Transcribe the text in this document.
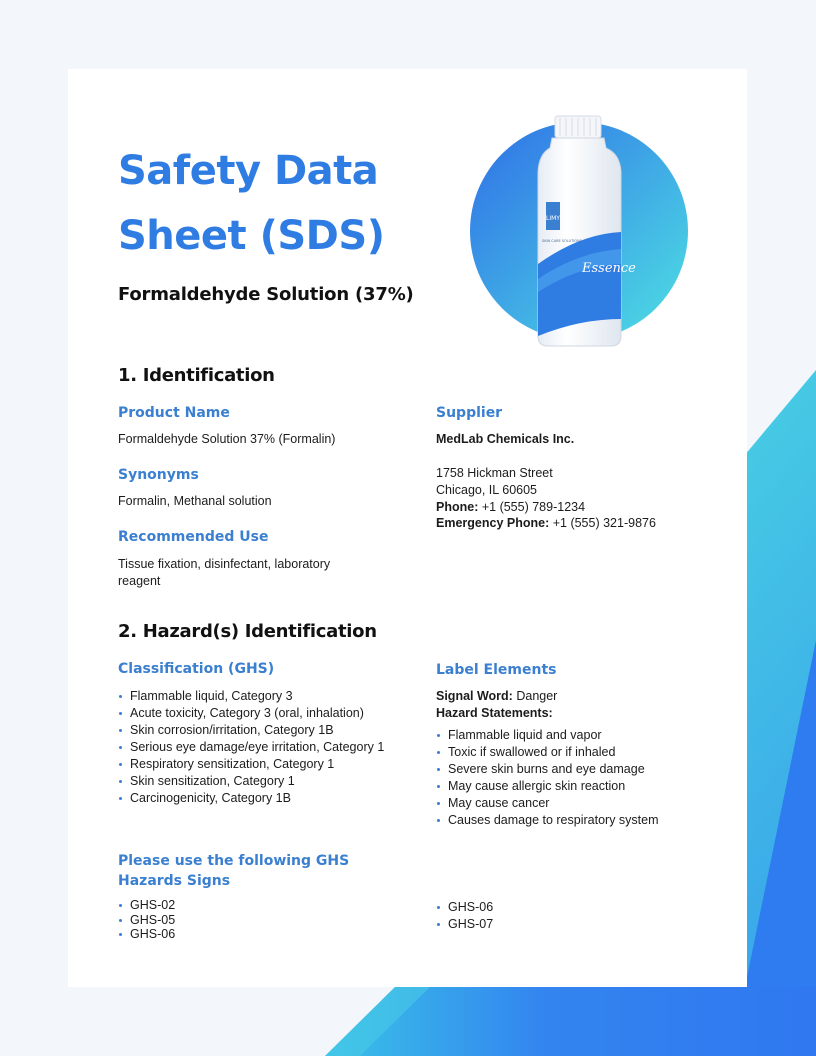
Safety Data Sheet (SDS)
Formaldehyde Solution (37%)
LIMY
SKIN CARE SOLUTIONS
Essence
1. Identification

Product Name

Formaldehyde Solution 37% (Formalin)

Synonyms

Formalin, Methanal solution

Recommended Use

Tissue fixation, disinfectant, laboratory reagent

Supplier

MedLab Chemicals Inc.

1758 Hickman Street

Chicago, IL 60605

Phone: +1 (555) 789-1234

Emergency Phone: +1 (555) 321-9876

2. Hazard(s) Identification

Classification (GHS)

Flammable liquid, Category 3
Acute toxicity, Category 3 (oral, inhalation)
Skin corrosion/irritation, Category 1B
Serious eye damage/eye irritation, Category 1
Respiratory sensitization, Category 1
Skin sensitization, Category 1
Carcinogenicity, Category 1B

Label Elements

Signal Word: Danger

Hazard Statements:

Flammable liquid and vapor
Toxic if swallowed or if inhaled
Severe skin burns and eye damage
May cause allergic skin reaction
May cause cancer
Causes damage to respiratory system

Please use the following GHS Hazards Signs

GHS-02
GHS-05
GHS-06
GHS-06
GHS-07
